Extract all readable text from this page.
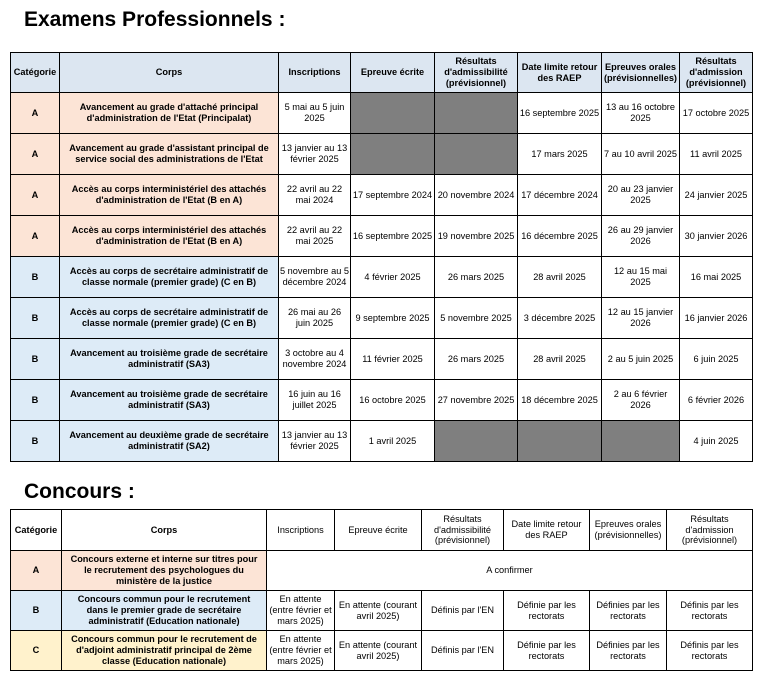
Examens Professionnels :
Catégorie	Corps	Inscriptions	Epreuve écrite	Résultats d'admissibilité (prévisionnel)	Date limite retour des RAEP	Epreuves orales (prévisionnelles)	Résultats d'admission (prévisionnel)
A	Avancement au grade d'attaché principal d'administration de l'Etat (Principalat)	5 mai au 5 juin 2025			16 septembre 2025	13 au 16 octobre 2025	17 octobre 2025
A	Avancement au grade d'assistant principal de service social des administrations de l'Etat	13 janvier au 13 février 2025			17 mars 2025	7 au 10 avril 2025	11 avril 2025
A	Accès au corps interministériel des attachés d'administration de l'Etat (B en A)	22 avril au 22 mai 2024	17 septembre 2024	20 novembre 2024	17 décembre 2024	20 au 23 janvier 2025	24 janvier 2025
A	Accès au corps interministériel des attachés d'administration de l'Etat (B en A)	22 avril au 22 mai 2025	16 septembre 2025	19 novembre 2025	16 décembre 2025	26 au 29 janvier 2026	30 janvier 2026
B	Accès au corps de secrétaire administratif de classe normale (premier grade) (C en B)	5 novembre au 5 décembre 2024	4 février 2025	26 mars 2025	28 avril 2025	12 au 15 mai 2025	16 mai 2025
B	Accès au corps de secrétaire administratif de classe normale (premier grade) (C en B)	26 mai au 26 juin 2025	9 septembre 2025	5 novembre 2025	3 décembre 2025	12 au 15 janvier 2026	16 janvier 2026
B	Avancement au troisième grade de secrétaire administratif (SA3)	3 octobre au 4 novembre 2024	11 février 2025	26 mars 2025	28 avril 2025	2 au 5 juin 2025	6 juin 2025
B	Avancement au troisième grade de secrétaire administratif (SA3)	16 juin au 16 juillet 2025	16 octobre 2025	27 novembre 2025	18 décembre 2025	2 au 6 février 2026	6 février 2026
B	Avancement au deuxième grade de secrétaire administratif (SA2)	13 janvier au 13 février 2025	1 avril 2025				4 juin 2025
Concours :
Catégorie	Corps	Inscriptions	Epreuve écrite	Résultats d'admissibilité (prévisionnel)	Date limite retour des RAEP	Epreuves orales (prévisionnelles)	Résultats d'admission (prévisionnel)
A	Concours externe et interne sur titres pour le recrutement des psychologues du ministère de la justice	A confirmer					
B	Concours commun pour le recrutement dans le premier grade de secrétaire administratif (Education nationale)	En attente (entre février et mars 2025)	En attente (courant avril 2025)	Définis par l'EN	Définie par les rectorats	Définies par les rectorats	Définis par les rectorats
C	Concours commun pour le recrutement de d'adjoint administratif principal de 2ème classe (Education nationale)	En attente (entre février et mars 2025)	En attente (courant avril 2025)	Définis par l'EN	Définie par les rectorats	Définies par les rectorats	Définis par les rectorats
